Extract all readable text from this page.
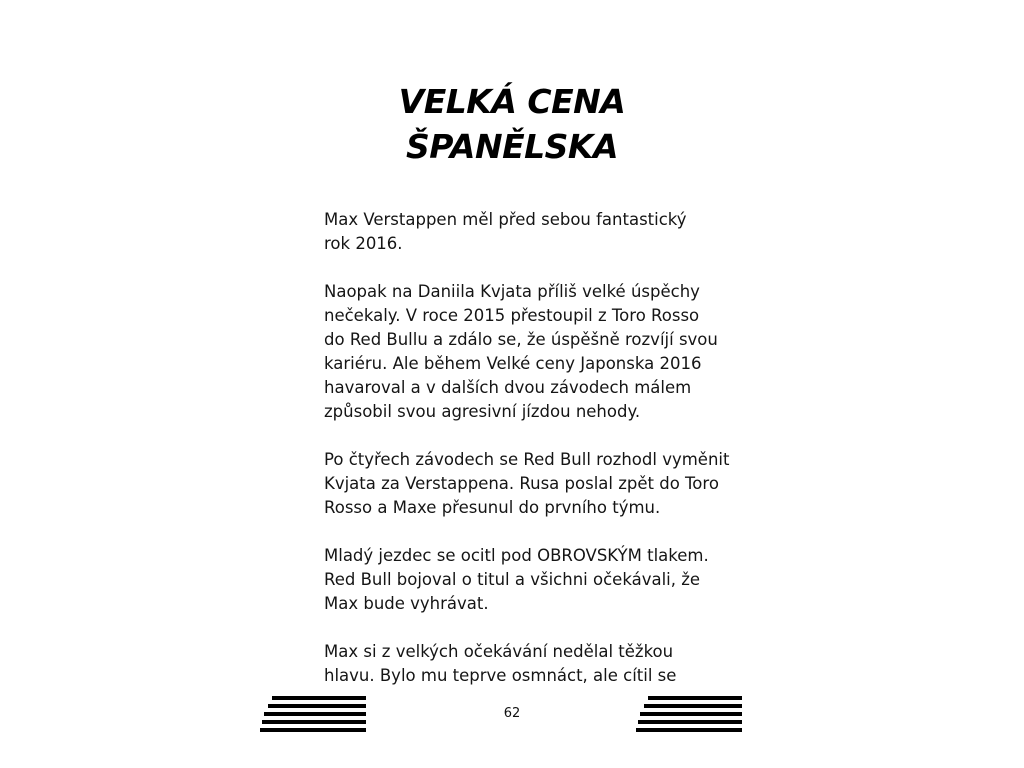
VELKÁ CENA
ŠPANĚLSKA

Max Verstappen měl před sebou fantastický
rok 2016.

Naopak na Daniila Kvjata příliš velké úspěchy
nečekaly. V roce 2015 přestoupil z Toro Rosso
do Red Bullu a zdálo se, že úspěšně rozvíjí svou
kariéru. Ale během Velké ceny Japonska 2016
havaroval a v dalších dvou závodech málem
způsobil svou agresivní jízdou nehody.

Po čtyřech závodech se Red Bull rozhodl vyměnit
Kvjata za Verstappena. Rusa poslal zpět do Toro
Rosso a Maxe přesunul do prvního týmu.

Mladý jezdec se ocitl pod OBROVSKÝM tlakem.
Red Bull bojoval o titul a všichni očekávali, že
Max bude vyhrávat.

Max si z velkých očekávání nedělal těžkou
hlavu. Bylo mu teprve osmnáct, ale cítil se

62
